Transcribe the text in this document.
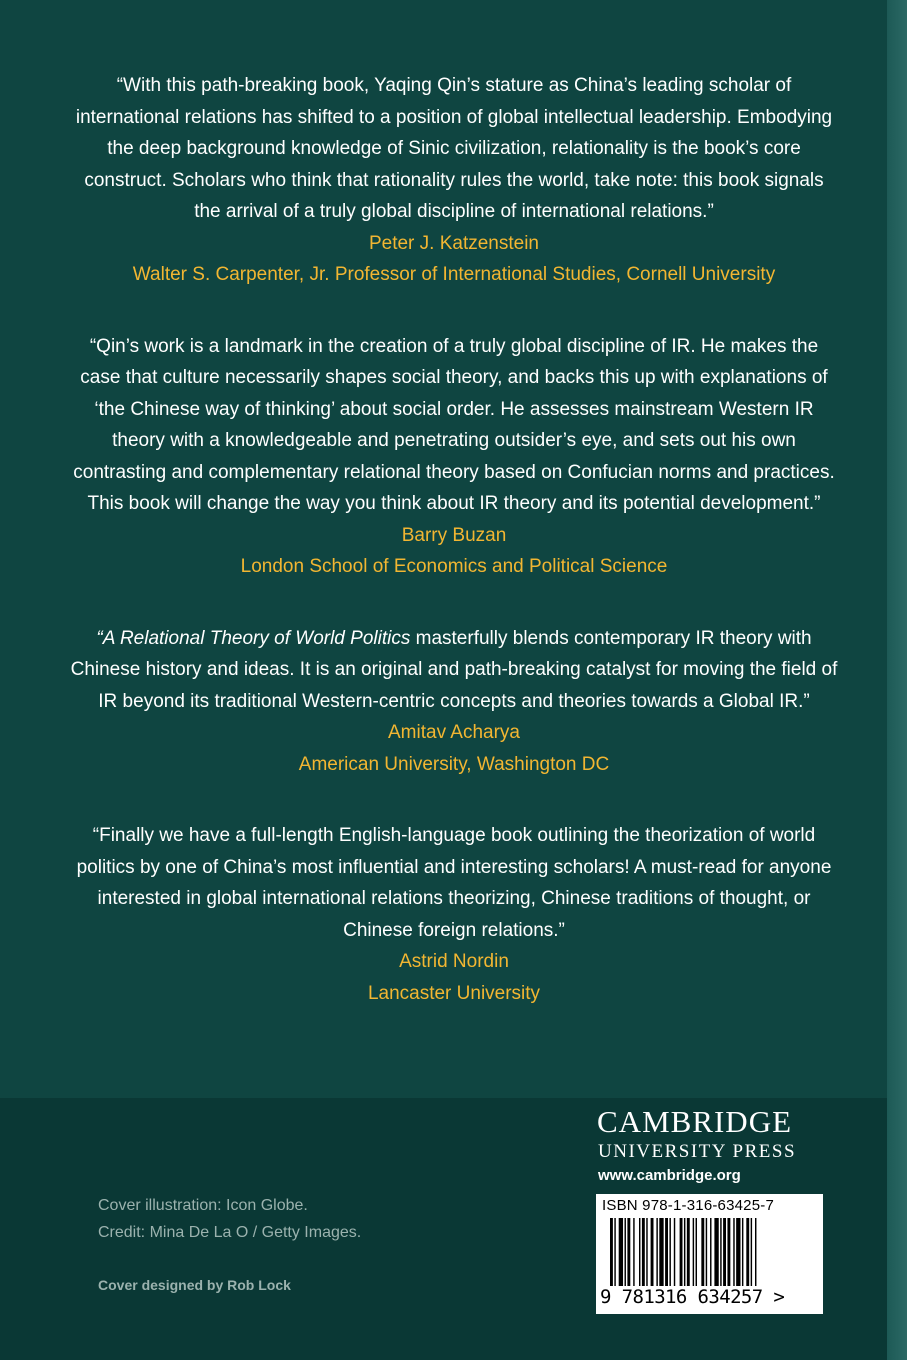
“With this path-breaking book, Yaqing Qin’s stature as China’s leading scholar of international relations has shifted to a position of global intellectual leadership. Embodying the deep background knowledge of Sinic civilization, relationality is the book’s core construct. Scholars who think that rationality rules the world, take note: this book signals the arrival of a truly global discipline of international relations.”

Peter J. Katzenstein

Walter S. Carpenter, Jr. Professor of International Studies, Cornell University

“Qin’s work is a landmark in the creation of a truly global discipline of IR. He makes the case that culture necessarily shapes social theory, and backs this up with explanations of ‘the Chinese way of thinking’ about social order. He assesses mainstream Western IR theory with a knowledgeable and penetrating outsider’s eye, and sets out his own contrasting and complementary relational theory based on Confucian norms and practices. This book will change the way you think about IR theory and its potential development.”

Barry Buzan

London School of Economics and Political Science

“A Relational Theory of World Politics masterfully blends contemporary IR theory with Chinese history and ideas. It is an original and path-breaking catalyst for moving the field of IR beyond its traditional Western-centric concepts and theories towards a Global IR.”

Amitav Acharya

American University, Washington DC

“Finally we have a full-length English-language book outlining the theorization of world politics by one of China’s most influential and interesting scholars! A must-read for anyone interested in global international relations theorizing, Chinese traditions of thought, or Chinese foreign relations.”

Astrid Nordin

Lancaster University

Cover illustration: Icon Globe.

Credit: Mina De La O / Getty Images.

Cover designed by Rob Lock

CAMBRIDGE

UNIVERSITY PRESS

www.cambridge.org

ISBN 978-1-316-63425-7

9 781316 634257 >
